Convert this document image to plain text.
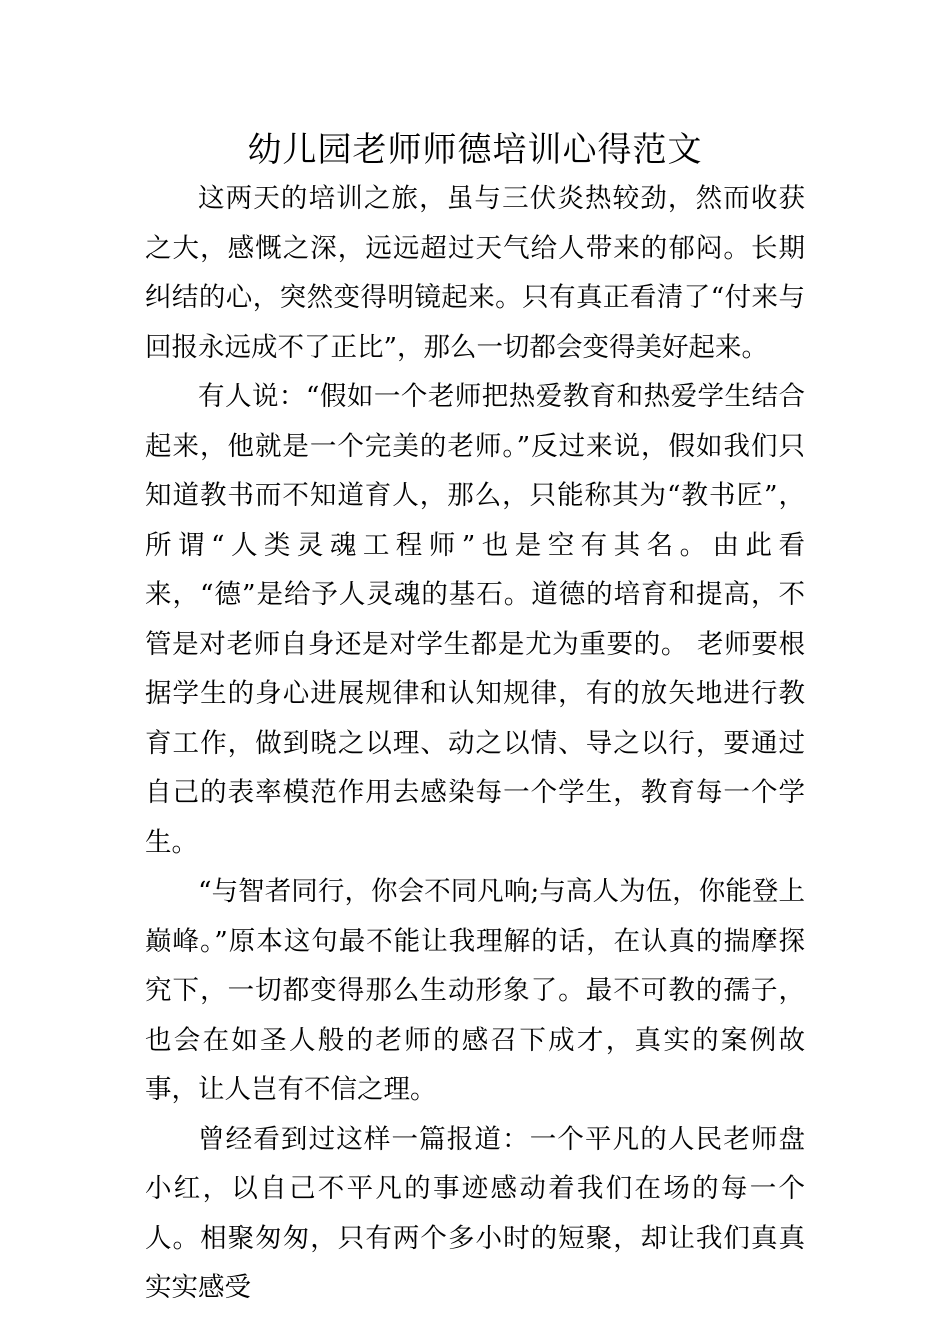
幼儿园老师师德培训心得范文

这两天的培训之旅，虽与三伏炎热较劲，然而收获之大，感慨之深，远远超过天气给人带来的郁闷。长期纠结的心，突然变得明镜起来。只有真正看清了“付来与回报永远成不了正比”，那么一切都会变得美好起来。

有人说：“假如一个老师把热爱教育和热爱学生结合起来，他就是一个完美的老师。”反过来说，假如我们只知道教书而不知道育人，那么，只能称其为“教书匠”，所谓“人类灵魂工程师”也是空有其名。由此看来，“德”是给予人灵魂的基石。道德的培育和提高，不管是对老师自身还是对学生都是尤为重要的。 老师要根据学生的身心进展规律和认知规律，有的放矢地进行教育工作，做到晓之以理、动之以情、导之以行，要通过自己的表率模范作用去感染每一个学生，教育每一个学生。

“与智者同行，你会不同凡响;与高人为伍，你能登上巅峰。”原本这句最不能让我理解的话，在认真的揣摩探究下，一切都变得那么生动形象了。最不可教的孺子，也会在如圣人般的老师的感召下成才，真实的案例故事，让人岂有不信之理。

曾经看到过这样一篇报道：一个平凡的人民老师盘小红，以自己不平凡的事迹感动着我们在场的每一个人。相聚匆匆，只有两个多小时的短聚，却让我们真真实实感受
